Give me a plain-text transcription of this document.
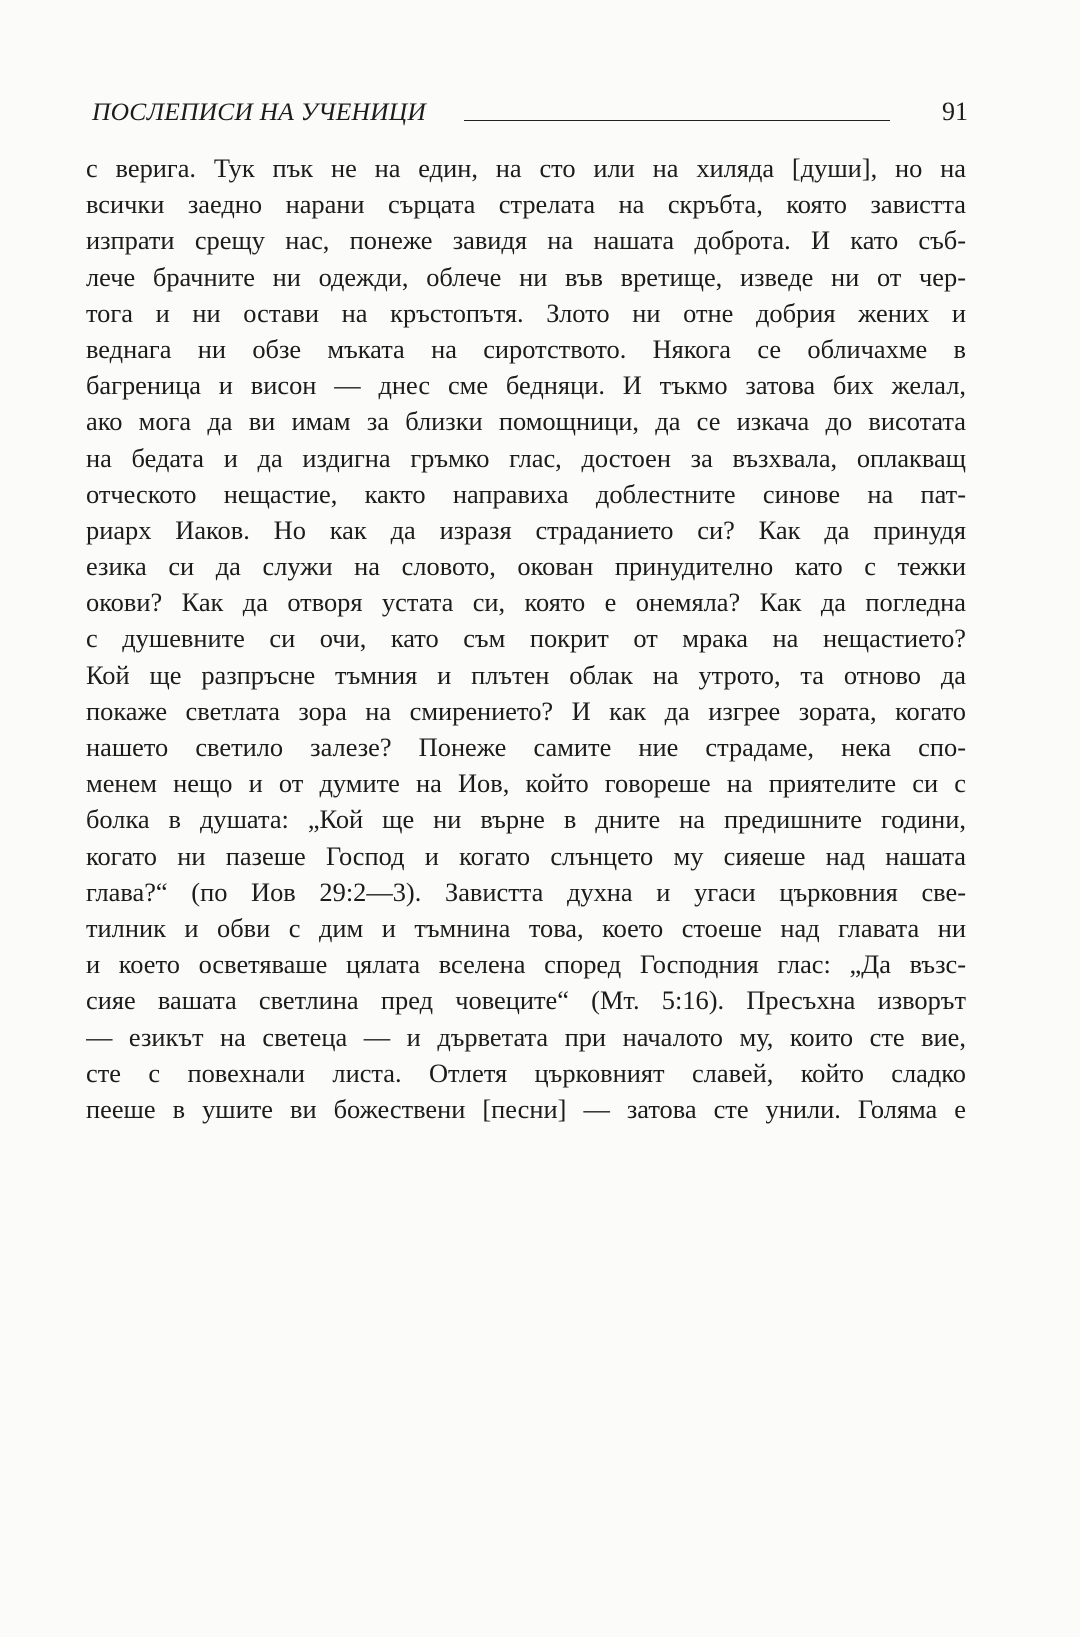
ПОСЛЕПИСИ НА УЧЕНИЦИ	91
с верига. Тук пък не на един, на сто или на хиляда [души], но на
всички заедно нарани сърцата стрелата на скръбта, която завистта
изпрати срещу нас, понеже завидя на нашата доброта. И като съб-
лече брачните ни одежди, облече ни във вретище, изведе ни от чер-
тога и ни остави на кръстопътя. Злото ни отне добрия жених и
веднага ни обзе мъката на сиротството. Някога се обличахме в
багреница и висон — днес сме бедняци. И тъкмо затова бих желал,
ако мога да ви имам за близки помощници, да се изкача до висотата
на бедата и да издигна гръмко глас, достоен за възхвала, оплакващ
отческото нещастие, както направиха доблестните синове на пат-
риарх Иаков. Но как да изразя страданието си? Как да принудя
езика си да служи на словото, окован принудително като с тежки
окови? Как да отворя устата си, която е онемяла? Как да погледна
с душевните си очи, като съм покрит от мрака на нещастието?
Кой ще разпръсне тъмния и плътен облак на утрото, та отново да
покаже светлата зора на смирението? И как да изгрее зората, когато
нашето светило залезе? Понеже самите ние страдаме, нека спо-
менем нещо и от думите на Иов, който говореше на приятелите си с
болка в душата: „Кой ще ни върне в дните на предишните години,
когато ни пазеше Господ и когато слънцето му сияеше над нашата
глава?“ (по Иов 29:2—3). Завистта духна и угаси църковния све-
тилник и обви с дим и тъмнина това, което стоеше над главата ни
и което осветяваше цялата вселена според Господния глас: „Да възс-
сияе вашата светлина пред човеците“ (Мт. 5:16). Пресъхна изворът
— езикът на светеца — и дърветата при началото му, които сте вие,
сте с повехнали листа. Отлетя църковният славей, който сладко
пееше в ушите ви божествени [песни] — затова сте унили. Голяма е
